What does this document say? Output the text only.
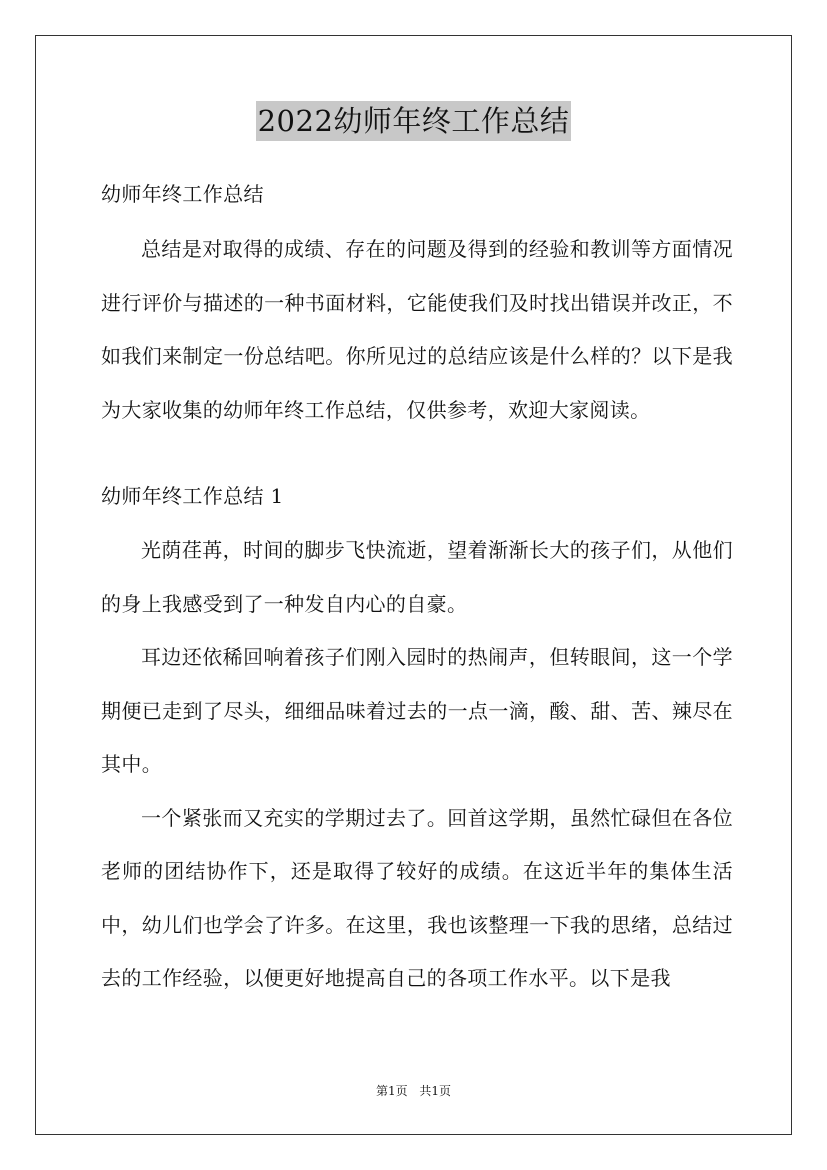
2022幼师年终工作总结

幼师年终工作总结

总结是对取得的成绩、存在的问题及得到的经验和教训等方面情况进行评价与描述的一种书面材料，它能使我们及时找出错误并改正，不如我们来制定一份总结吧。你所见过的总结应该是什么样的？以下是我为大家收集的幼师年终工作总结，仅供参考，欢迎大家阅读。

幼师年终工作总结 1

光荫荏苒，时间的脚步飞快流逝，望着渐渐长大的孩子们，从他们的身上我感受到了一种发自内心的自豪。

耳边还依稀回响着孩子们刚入园时的热闹声，但转眼间，这一个学期便已走到了尽头，细细品味着过去的一点一滴，酸、甜、苦、辣尽在其中。

一个紧张而又充实的学期过去了。回首这学期，虽然忙碌但在各位老师的团结协作下，还是取得了较好的成绩。在这近半年的集体生活中，幼儿们也学会了许多。在这里，我也该整理一下我的思绪，总结过去的工作经验，以便更好地提高自己的各项工作水平。以下是我

第1页 共1页
